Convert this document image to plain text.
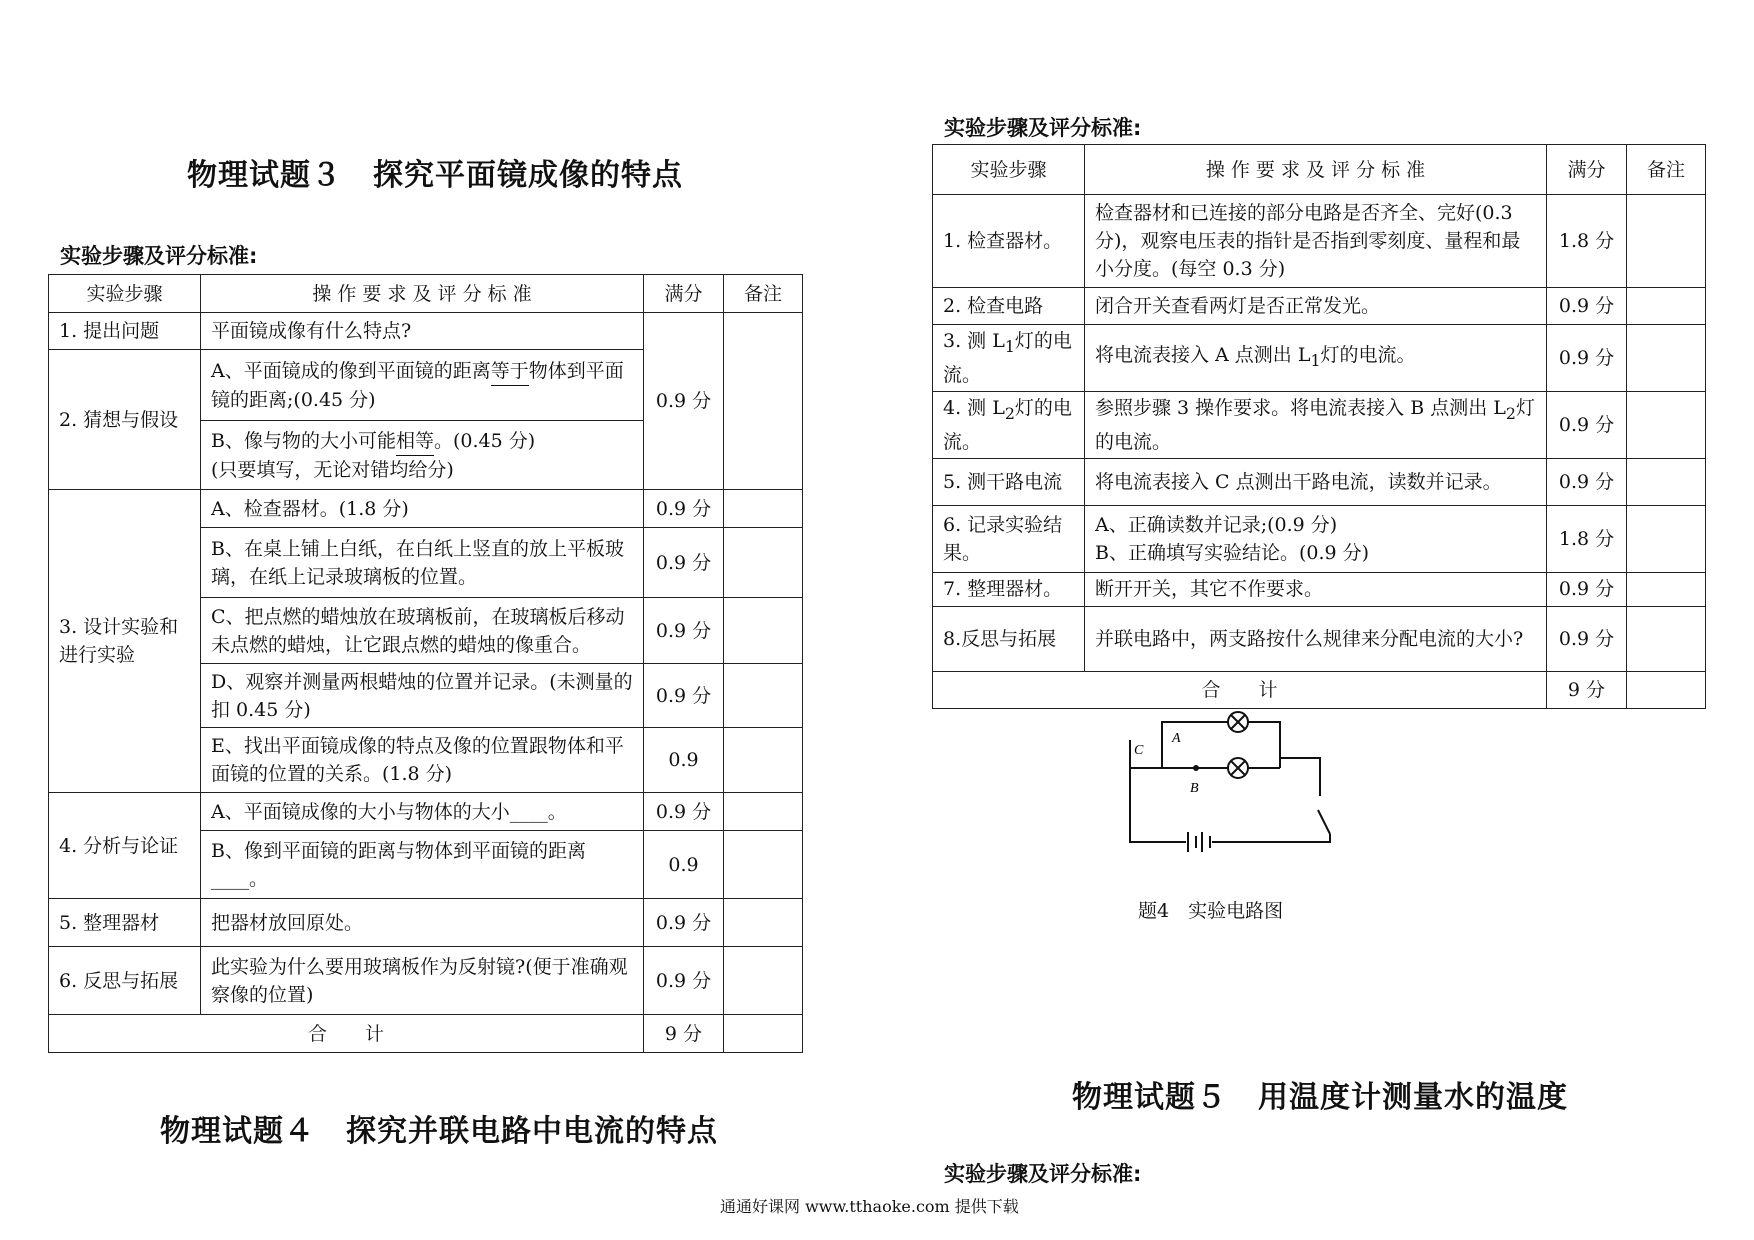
物理试题３　探究平面镜成像的特点
实验步骤及评分标准:
实验步骤	操 作 要 求 及 评 分 标 准	满分	备注
1. 提出问题	平面镜成像有什么特点?	0.9 分	
2. 猜想与假设	A、平面镜成的像到平面镜的距离等于物体到平面镜的距离;(0.45 分)		
	B、像与物的大小可能相等。(0.45 分)
(只要填写，无论对错均给分)		
3. 设计实验和进行实验	A、检查器材。(1.8 分)	0.9 分	
	B、在桌上铺上白纸，在白纸上竖直的放上平板玻璃，在纸上记录玻璃板的位置。	0.9 分	
	C、把点燃的蜡烛放在玻璃板前，在玻璃板后移动未点燃的蜡烛，让它跟点燃的蜡烛的像重合。	0.9 分	
	D、观察并测量两根蜡烛的位置并记录。(未测量的扣 0.45 分)	0.9 分	
	E、找出平面镜成像的特点及像的位置跟物体和平面镜的位置的关系。(1.8 分)	0.9	
4. 分析与论证	A、平面镜成像的大小与物体的大小____。	0.9 分	
	B、像到平面镜的距离与物体到平面镜的距离____。	0.9	
5. 整理器材	把器材放回原处。	0.9 分	
6. 反思与拓展	此实验为什么要用玻璃板作为反射镜?(便于准确观察像的位置)	0.9 分	
合　　计		9 分	
物理试题４　探究并联电路中电流的特点
实验步骤及评分标准:
实验步骤	操 作 要 求 及 评 分 标 准	满分	备注
1. 检查器材。	检查器材和已连接的部分电路是否齐全、完好(0.3 分)，观察电压表的指针是否指到零刻度、量程和最小分度。(每空 0.3 分)	1.8 分	
2. 检查电路	闭合开关查看两灯是否正常发光。	0.9 分	
3. 测 $L_1$灯的电流。	将电流表接入 A 点测出 $L_1$灯的电流。	0.9 分	
4. 测 $L_2$灯的电流。	参照步骤 3 操作要求。将电流表接入 B 点测出 $L_2$灯的电流。	0.9 分	
5. 测干路电流	将电流表接入 C 点测出干路电流，读数并记录。	0.9 分	
6. 记录实验结果。	A、正确读数并记录;(0.9 分)
B、正确填写实验结论。(0.9 分)	1.8 分	
7. 整理器材。	断开开关，其它不作要求。	0.9 分	
8.反思与拓展	并联电路中，两支路按什么规律来分配电流的大小?	0.9 分	
合　　计		9 分	
A
B
C
题4　实验电路图
物理试题５　用温度计测量水的温度
实验步骤及评分标准:
通通好课网 www.tthaoke.com 提供下载
